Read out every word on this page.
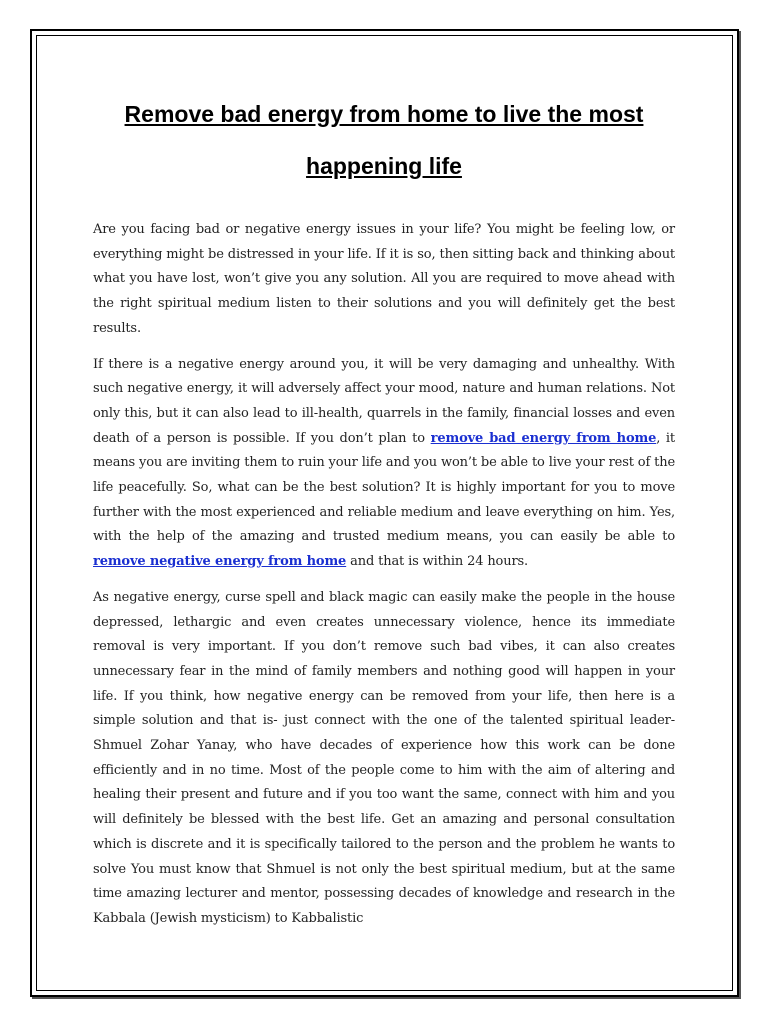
Remove bad energy from home to live the most happening life

Are you facing bad or negative energy issues in your life? You might be feeling low, or everything might be distressed in your life. If it is so, then sitting back and thinking about what you have lost, won’t give you any solution. All you are required to move ahead with the right spiritual medium listen to their solutions and you will definitely get the best results.

If there is a negative energy around you, it will be very damaging and unhealthy. With such negative energy, it will adversely affect your mood, nature and human relations. Not only this, but it can also lead to ill-health, quarrels in the family, financial losses and even death of a person is possible. If you don’t plan to remove bad energy from home, it means you are inviting them to ruin your life and you won’t be able to live your rest of the life peacefully. So, what can be the best solution? It is highly important for you to move further with the most experienced and reliable medium and leave everything on him. Yes, with the help of the amazing and trusted medium means, you can easily be able to remove negative energy from home and that is within 24 hours.

As negative energy, curse spell and black magic can easily make the people in the house depressed, lethargic and even creates unnecessary violence, hence its immediate removal is very important. If you don’t remove such bad vibes, it can also creates unnecessary fear in the mind of family members and nothing good will happen in your life. If you think, how negative energy can be removed from your life, then here is a simple solution and that is- just connect with the one of the talented spiritual leader- Shmuel Zohar Yanay, who have decades of experience how this work can be done efficiently and in no time. Most of the people come to him with the aim of altering and healing their present and future and if you too want the same, connect with him and you will definitely be blessed with the best life. Get an amazing and personal consultation which is discrete and it is specifically tailored to the person and the problem he wants to solve You must know that Shmuel is not only the best spiritual medium, but at the same time amazing lecturer and mentor, possessing decades of knowledge and research in the Kabbala (Jewish mysticism) to Kabbalistic
